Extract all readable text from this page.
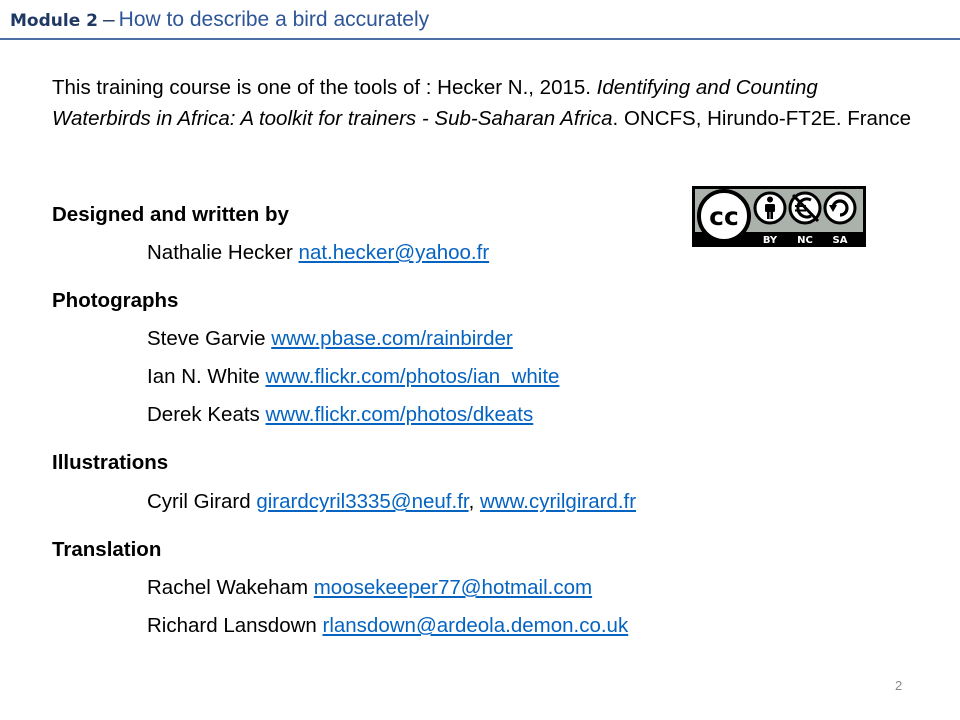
Module 2 – How to describe a bird accurately
This training course is one of the tools of : Hecker N., 2015. Identifying and Counting Waterbirds in Africa: A toolkit for trainers - Sub-Saharan Africa. ONCFS, Hirundo-FT2E. France
cc
BY NC SA
Designed and written by
Nathalie Hecker nat.hecker@yahoo.fr
Photographs
Steve Garvie www.pbase.com/rainbirder
Ian N. White www.flickr.com/photos/ian_white
Derek Keats www.flickr.com/photos/dkeats
Illustrations
Cyril Girard girardcyril3335@neuf.fr, www.cyrilgirard.fr
Translation
Rachel Wakeham moosekeeper77@hotmail.com
Richard Lansdown rlansdown@ardeola.demon.co.uk
2
